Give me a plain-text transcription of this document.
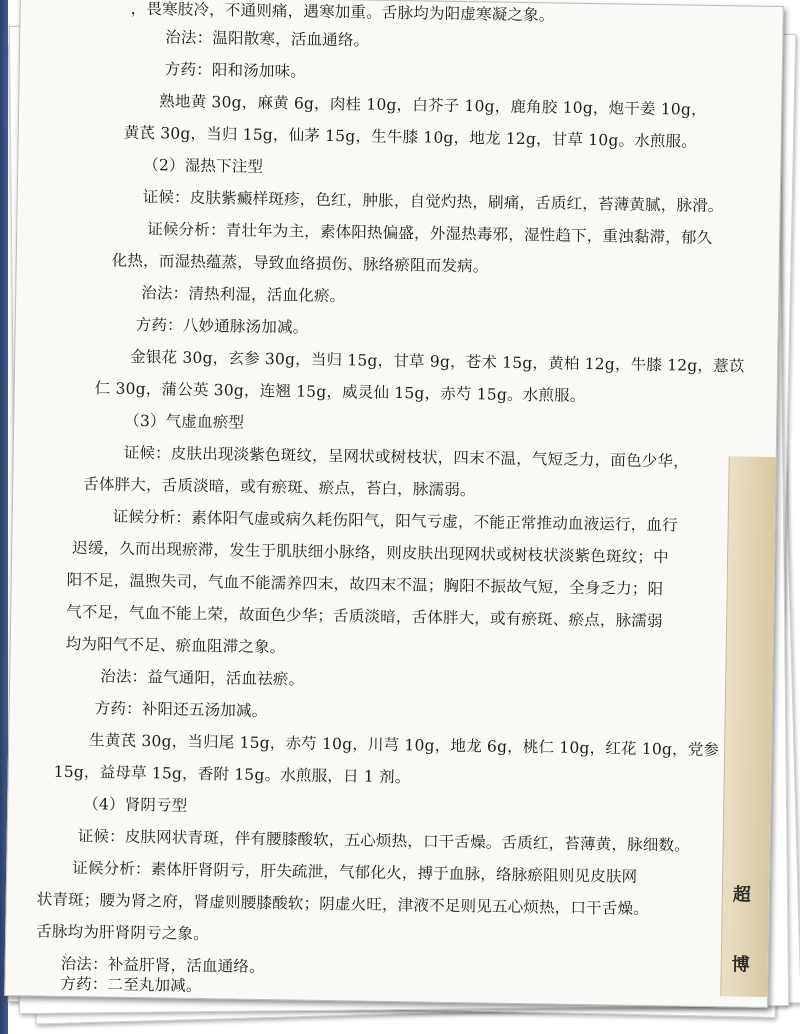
超
博
，畏寒肢冷，不通则痛，遇寒加重。舌脉均为阳虚寒凝之象。
治法：温阳散寒，活血通络。
方药：阳和汤加味。
熟地黄 30g，麻黄 6g，肉桂 10g，白芥子 10g，鹿角胶 10g，炮干姜 10g，
黄芪 30g，当归 15g，仙茅 15g，生牛膝 10g，地龙 12g，甘草 10g。水煎服。
（2）湿热下注型
证候：皮肤紫癜样斑疹，色红，肿胀，自觉灼热，刷痛，舌质红，苔薄黄腻，脉滑。
证候分析：青壮年为主，素体阳热偏盛，外湿热毒邪，湿性趋下，重浊黏滞，郁久
化热，而湿热蕴蒸，导致血络损伤、脉络瘀阻而发病。
治法：清热利湿，活血化瘀。
方药：八妙通脉汤加减。
金银花 30g，玄参 30g，当归 15g，甘草 9g，苍术 15g，黄柏 12g，牛膝 12g，薏苡
仁 30g，蒲公英 30g，连翘 15g，威灵仙 15g，赤芍 15g。水煎服。
（3）气虚血瘀型
证候：皮肤出现淡紫色斑纹，呈网状或树枝状，四末不温，气短乏力，面色少华，
舌体胖大，舌质淡暗，或有瘀斑、瘀点，苔白，脉濡弱。
证候分析：素体阳气虚或病久耗伤阳气，阳气亏虚，不能正常推动血液运行，血行
迟缓，久而出现瘀滞，发生于肌肤细小脉络，则皮肤出现网状或树枝状淡紫色斑纹；中
阳不足，温煦失司，气血不能濡养四末，故四末不温；胸阳不振故气短，全身乏力；阳
气不足，气血不能上荣，故面色少华；舌质淡暗，舌体胖大，或有瘀斑、瘀点，脉濡弱
均为阳气不足、瘀血阻滞之象。
治法：益气通阳，活血祛瘀。
方药：补阳还五汤加减。
生黄芪 30g，当归尾 15g，赤芍 10g，川芎 10g，地龙 6g，桃仁 10g，红花 10g，党参
15g，益母草 15g，香附 15g。水煎服，日 1 剂。
（4）肾阴亏型
证候：皮肤网状青斑，伴有腰膝酸软，五心烦热，口干舌燥。舌质红，苔薄黄，脉细数。
证候分析：素体肝肾阴亏，肝失疏泄，气郁化火，搏于血脉，络脉瘀阻则见皮肤网
状青斑；腰为肾之府，肾虚则腰膝酸软；阴虚火旺，津液不足则见五心烦热，口干舌燥。
舌脉均为肝肾阴亏之象。
治法：补益肝肾，活血通络。
方药：二至丸加减。
